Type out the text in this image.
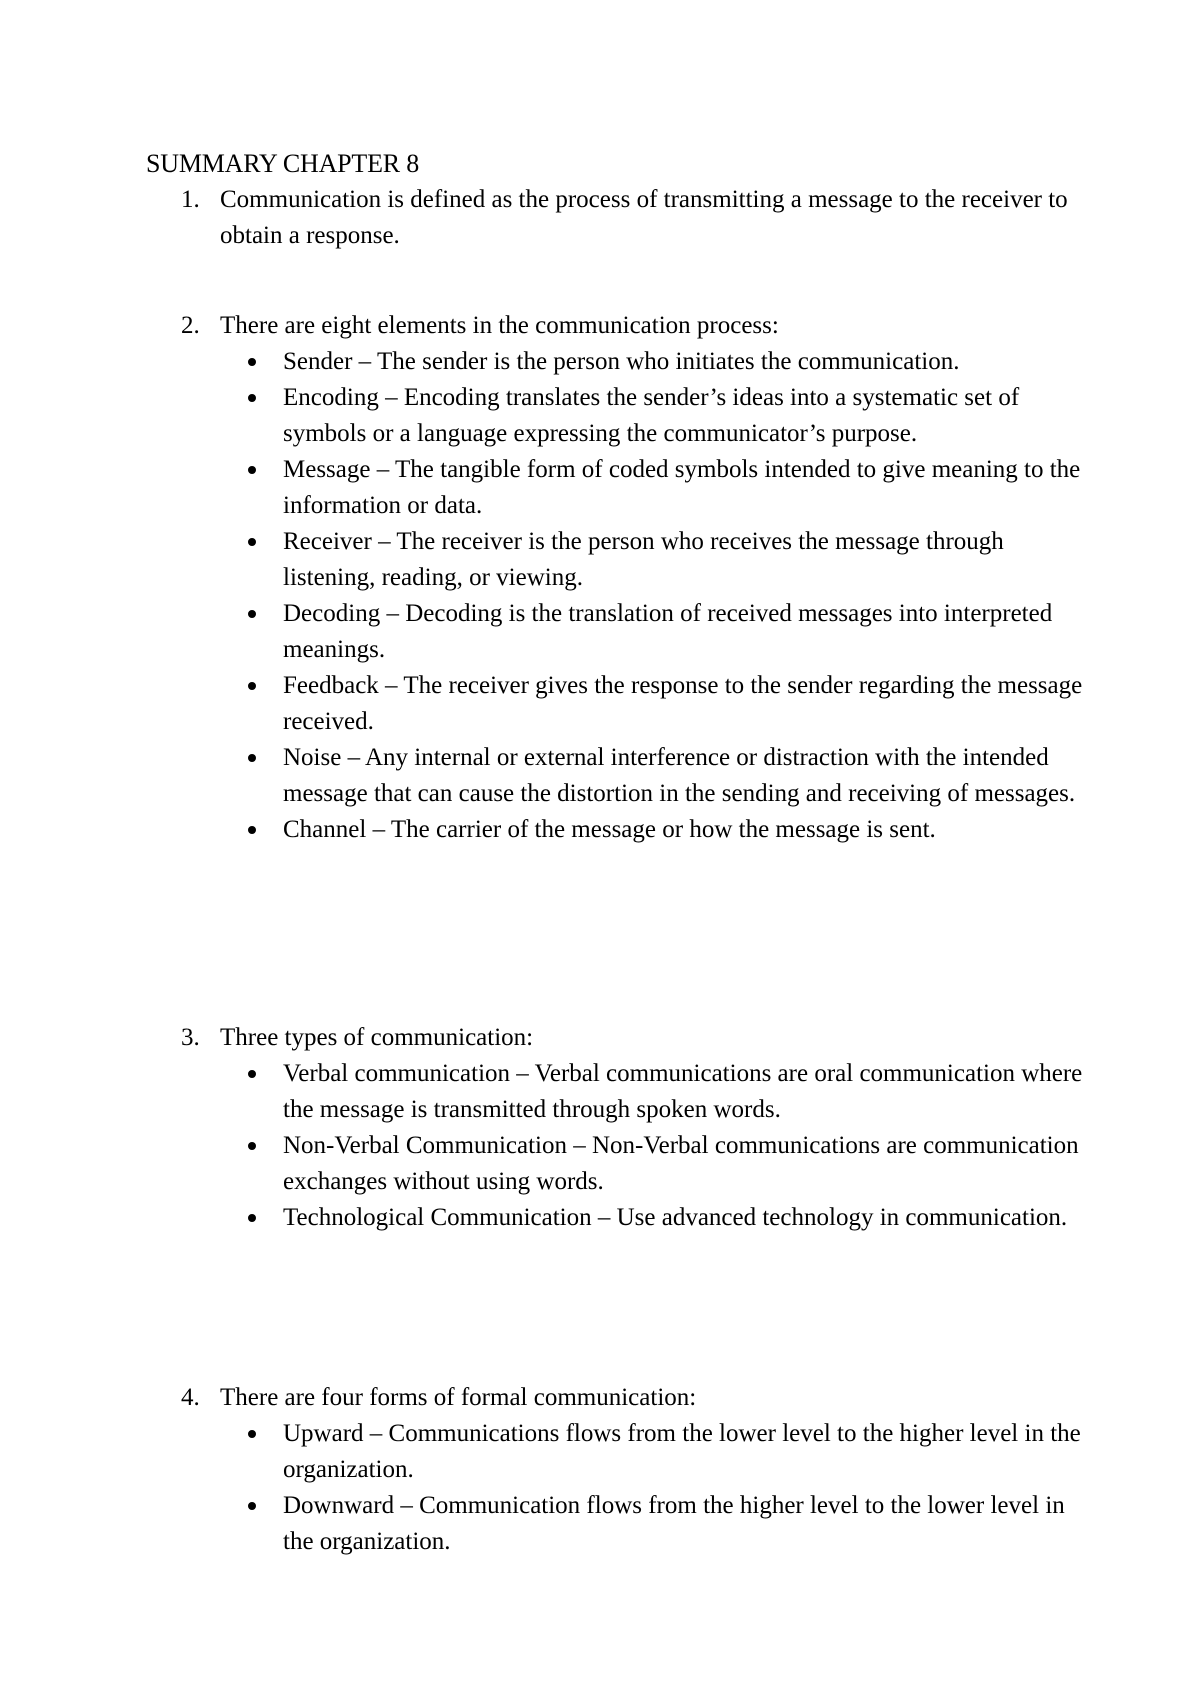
SUMMARY CHAPTER 8
1. Communication is defined as the process of transmitting a message to the receiver to obtain a response.
2. There are eight elements in the communication process:
Sender – The sender is the person who initiates the communication.
Encoding – Encoding translates the sender’s ideas into a systematic set of symbols or a language expressing the communicator’s purpose.
Message – The tangible form of coded symbols intended to give meaning to the information or data.
Receiver – The receiver is the person who receives the message through listening, reading, or viewing.
Decoding – Decoding is the translation of received messages into interpreted meanings.
Feedback – The receiver gives the response to the sender regarding the message received.
Noise – Any internal or external interference or distraction with the intended message that can cause the distortion in the sending and receiving of messages.
Channel – The carrier of the message or how the message is sent.
3. Three types of communication:
Verbal communication – Verbal communications are oral communication where the message is transmitted through spoken words.
Non-Verbal Communication – Non-Verbal communications are communication exchanges without using words.
Technological Communication – Use advanced technology in communication.
4. There are four forms of formal communication:
Upward – Communications flows from the lower level to the higher level in the organization.
Downward – Communication flows from the higher level to the lower level in the organization.
